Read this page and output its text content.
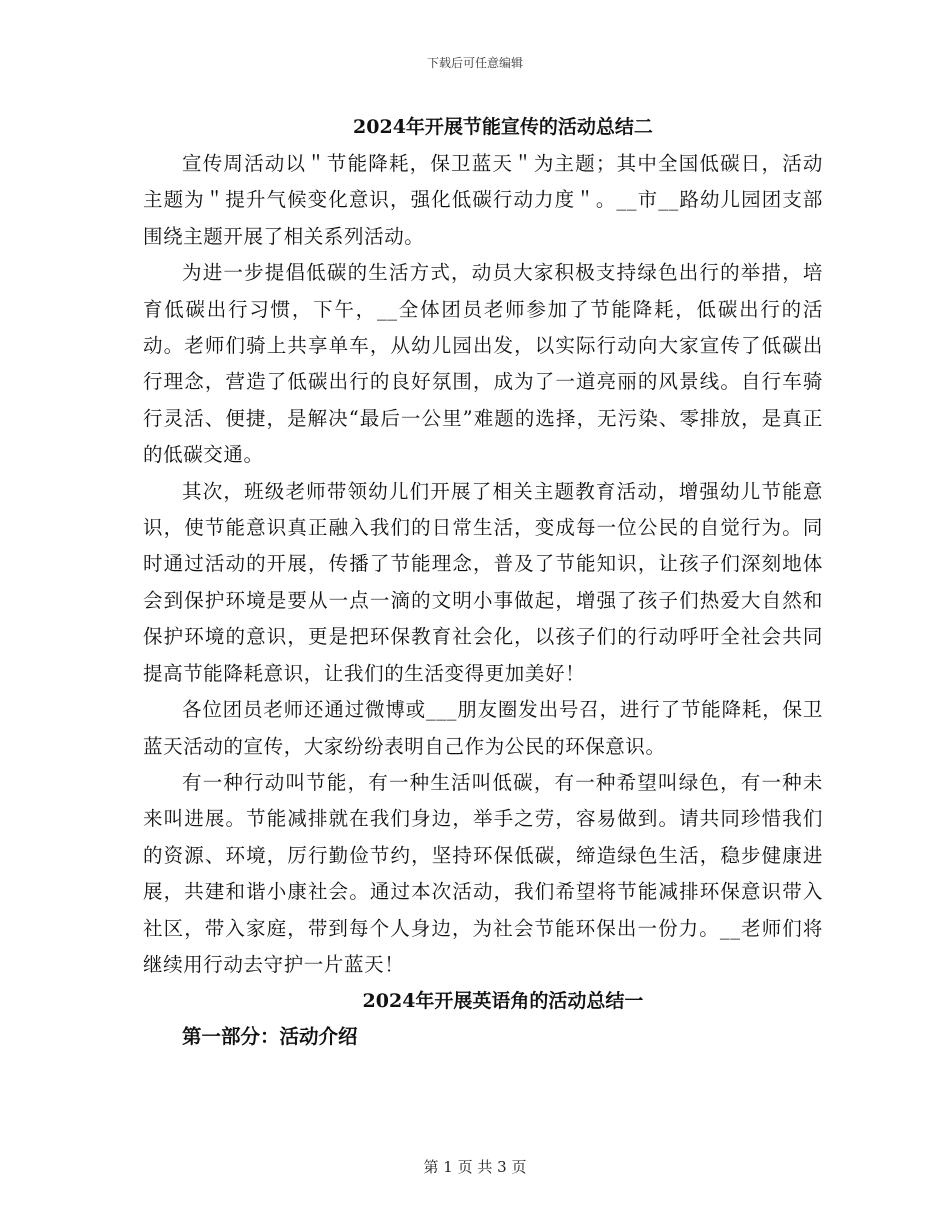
下载后可任意编辑
2024年开展节能宣传的活动总结二

宣传周活动以＂节能降耗，保卫蓝天＂为主题；其中全国低碳日，活动主题为＂提升气候变化意识，强化低碳行动力度＂。__市__路幼儿园团支部围绕主题开展了相关系列活动。

为进一步提倡低碳的生活方式，动员大家积极支持绿色出行的举措，培育低碳出行习惯，下午，__全体团员老师参加了节能降耗，低碳出行的活动。老师们骑上共享单车，从幼儿园出发，以实际行动向大家宣传了低碳出行理念，营造了低碳出行的良好氛围，成为了一道亮丽的风景线。自行车骑行灵活、便捷，是解决“最后一公里”难题的选择，无污染、零排放，是真正的低碳交通。

其次，班级老师带领幼儿们开展了相关主题教育活动，增强幼儿节能意识，使节能意识真正融入我们的日常生活，变成每一位公民的自觉行为。同时通过活动的开展，传播了节能理念，普及了节能知识，让孩子们深刻地体会到保护环境是要从一点一滴的文明小事做起，增强了孩子们热爱大自然和保护环境的意识，更是把环保教育社会化，以孩子们的行动呼吁全社会共同提高节能降耗意识，让我们的生活变得更加美好！

各位团员老师还通过微博或___朋友圈发出号召，进行了节能降耗，保卫蓝天活动的宣传，大家纷纷表明自己作为公民的环保意识。

有一种行动叫节能，有一种生活叫低碳，有一种希望叫绿色，有一种未来叫进展。节能减排就在我们身边，举手之劳，容易做到。请共同珍惜我们的资源、环境，厉行勤俭节约，坚持环保低碳，缔造绿色生活，稳步健康进展，共建和谐小康社会。通过本次活动，我们希望将节能减排环保意识带入社区，带入家庭，带到每个人身边，为社会节能环保出一份力。__老师们将继续用行动去守护一片蓝天！

2024年开展英语角的活动总结一
第一部分：活动介绍
第 1 页 共 3 页
